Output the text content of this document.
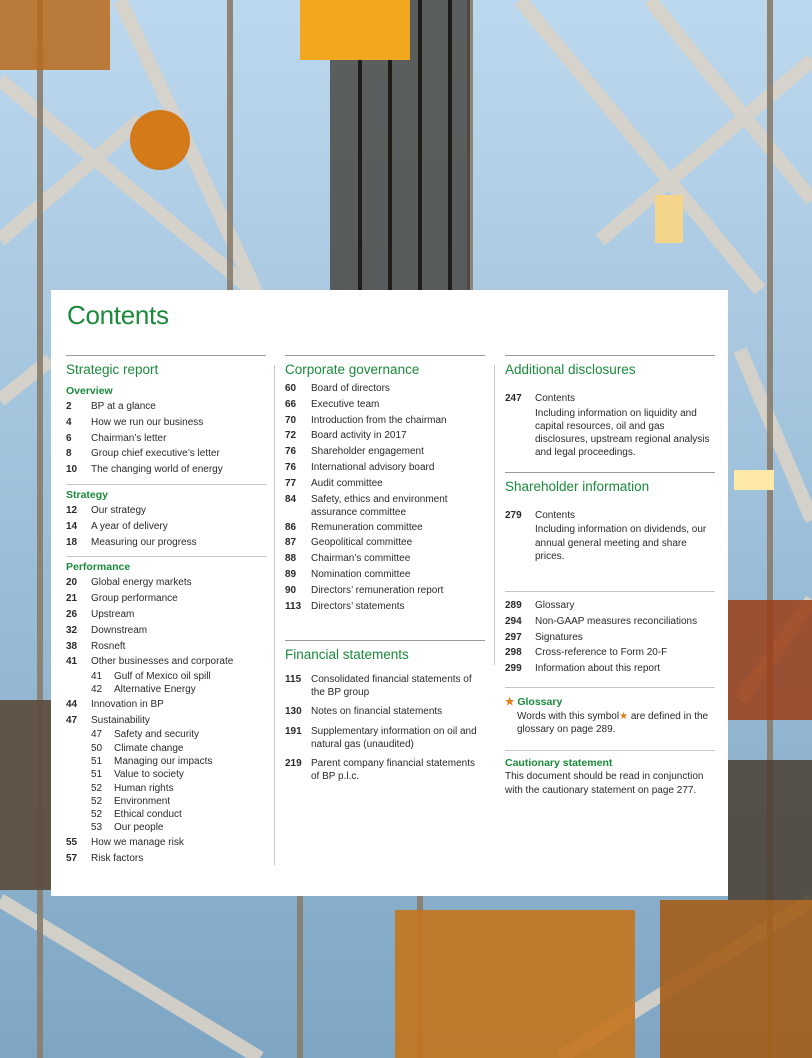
Contents
Strategic report
Overview
2	BP at a glance
4	How we run our business
6	Chairman’s letter
8	Group chief executive’s letter
10	The changing world of energy
Strategy
12	Our strategy
14	A year of delivery
18	Measuring our progress
Performance
20	Global energy markets
21	Group performance
26	Upstream
32	Downstream
38	Rosneft
41	Other businesses and corporate
41	Gulf of Mexico oil spill
42	Alternative Energy
44	Innovation in BP
47	Sustainability
47	Safety and security
50	Climate change
51	Managing our impacts
51	Value to society
52	Human rights
52	Environment
52	Ethical conduct
53	Our people
55	How we manage risk
57	Risk factors
Corporate governance
60	Board of directors
66	Executive team
70	Introduction from the chairman
72	Board activity in 2017
76	Shareholder engagement
76	International advisory board
77	Audit committee
84	Safety, ethics and environment assurance committee
86	Remuneration committee
87	Geopolitical committee
88	Chairman’s committee
89	Nomination committee
90	Directors’ remuneration report
113 Directors’ statements
Financial statements
115 Consolidated financial statements of the BP group
130 Notes on financial statements
191 Supplementary information on oil and natural gas (unaudited)
219 Parent company financial statements of BP p.l.c.
Additional disclosures
247	Contents
Including information on liquidity and capital resources, oil and gas disclosures, upstream regional analysis and legal proceedings.
Shareholder information
279	Contents
Including information on dividends, our annual general meeting and share prices.
289	Glossary
294	Non-GAAP measures reconciliations
297	Signatures
298	Cross-reference to Form 20-F
299	Information about this report
★ Glossary
Words with this symbol★ are defined in the glossary on page 289.
Cautionary statement
This document should be read in conjunction with the cautionary statement on page 277.
